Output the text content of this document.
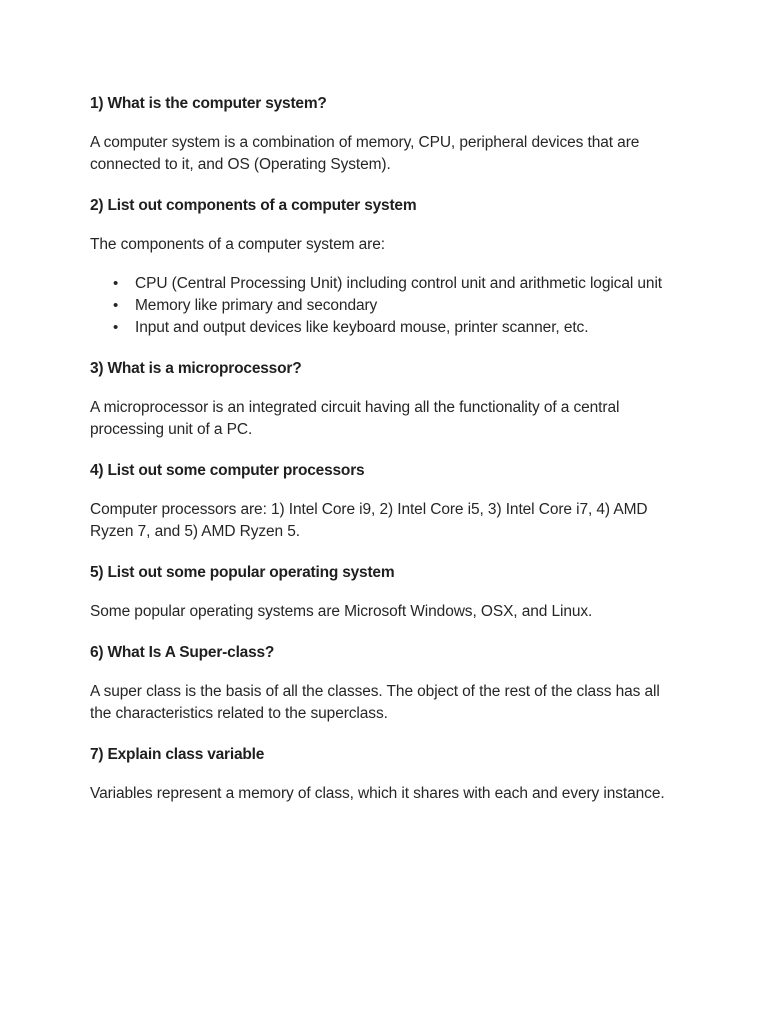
1) What is the computer system?

A computer system is a combination of memory, CPU, peripheral devices that are connected to it, and OS (Operating System).

2) List out components of a computer system

The components of a computer system are:

• CPU (Central Processing Unit) including control unit and arithmetic logical unit
• Memory like primary and secondary
• Input and output devices like keyboard mouse, printer scanner, etc.
3) What is a microprocessor?

A microprocessor is an integrated circuit having all the functionality of a central processing unit of a PC.

4) List out some computer processors

Computer processors are: 1) Intel Core i9, 2) Intel Core i5, 3) Intel Core i7, 4) AMD Ryzen 7, and 5) AMD Ryzen 5.

5) List out some popular operating system

Some popular operating systems are Microsoft Windows, OSX, and Linux.

6) What Is A Super-class?

A super class is the basis of all the classes. The object of the rest of the class has all the characteristics related to the superclass.

7) Explain class variable

Variables represent a memory of class, which it shares with each and every instance.
